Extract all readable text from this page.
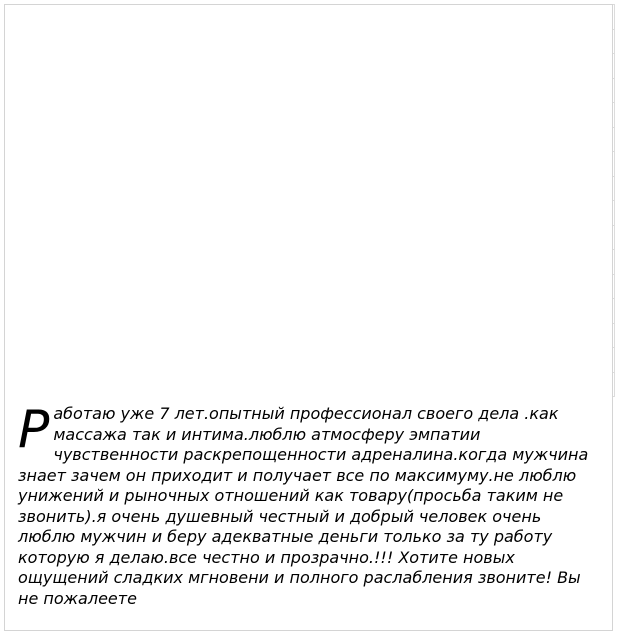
Работаю уже 7 лет.опытный профессионал своего дела .как массажа так и интима.люблю атмосферу эмпатии чувственности раскрепощенности адреналина.когда мужчина знает зачем он приходит и получает все по максимуму.не люблю унижений и рыночных отношений как товару(просьба таким не звонить).я очень душевный честный и добрый человек очень люблю мужчин и беру адекватные деньги только за ту работу которую я делаю.все честно и прозрачно.!!! Хотите новых ощущений сладких мгновени и полного раслабления звоните! Вы не пожалеете
